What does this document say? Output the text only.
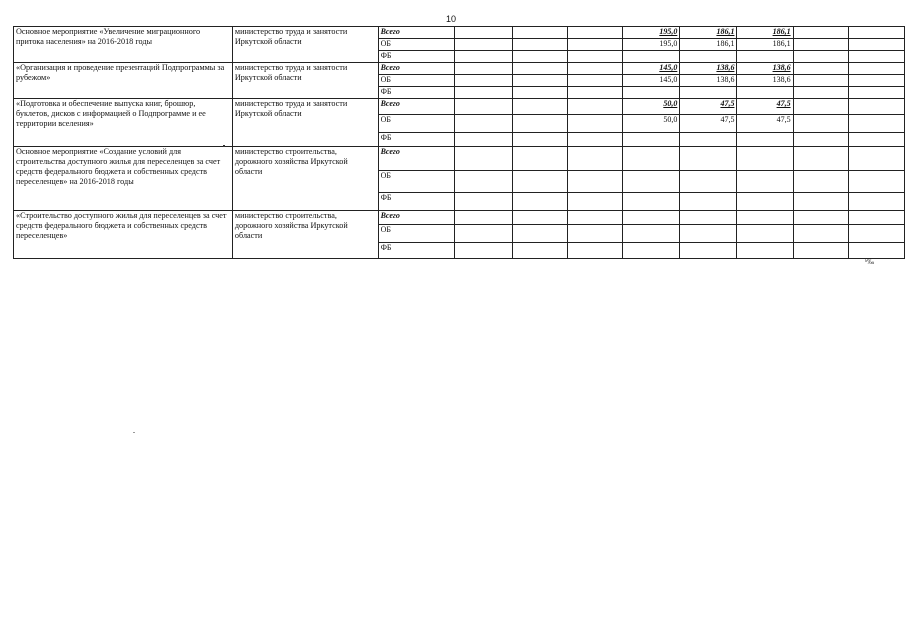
10
Основное мероприятие «Увеличение миграционного притока населения» на 2016-2018 годы	министерство труда и занятости Иркутской области	Всего				195,0	186,1	186,1		
		ОБ				195,0	186,1	186,1		
		ФБ								
«Организация и проведение презентаций Подпрограммы за рубежом»	министерство труда и занятости Иркутской области	Всего				145,0	138,6	138,6		
		ОБ				145,0	138,6	138,6		
		ФБ								
«Подготовка и обеспечение выпуска книг, брошюр, буклетов, дисков с информацией о Подпрограмме и ее территории вселения»	министерство труда и занятости Иркутской области	Всего				50,0	47,5	47,5		
		ОБ				50,0	47,5	47,5		
		ФБ								
Основное мероприятие «Создание условий для строительства доступного жилья для переселенцев за счет средств федерального бюджета и собственных средств переселенцев» на 2016-2018 годы	министерство строительства, дорожного хозяйства Иркутской области	Всего								
		ОБ								
		ФБ								
«Строительство доступного жилья для переселенцев за счет средств федерального бюджета и собственных средств переселенцев»	министерство строительства, дорожного хозяйства Иркутской области	Всего								
		ОБ								
		ФБ								
ᵇ‰
